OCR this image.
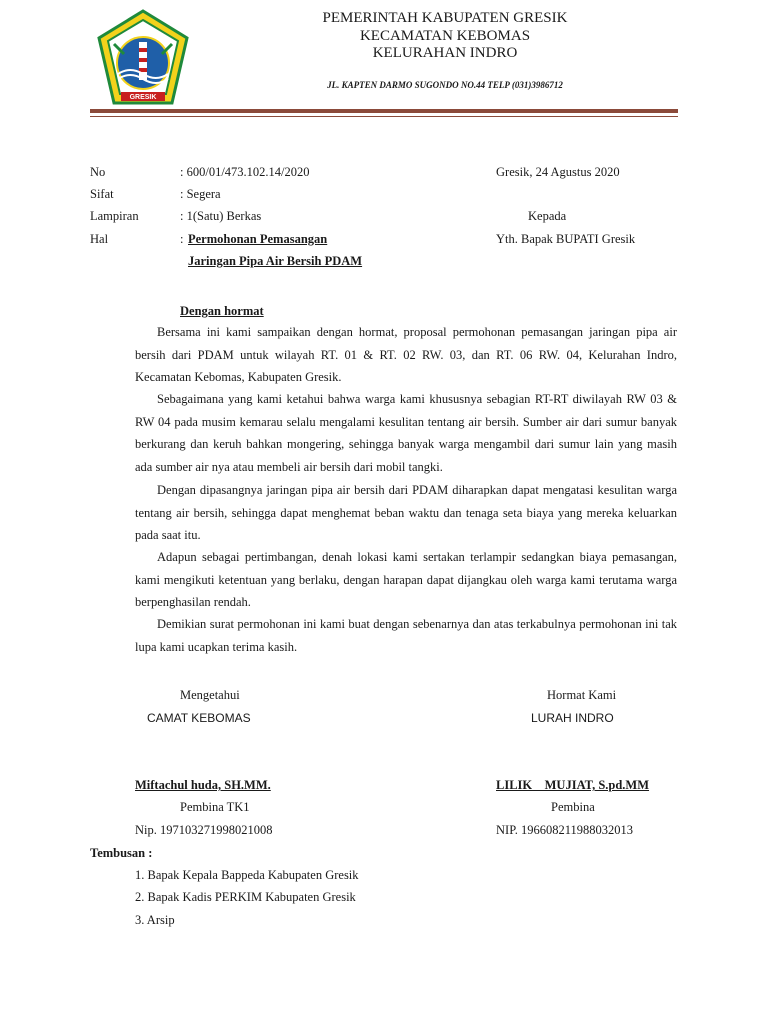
GRESIK
PEMERINTAH KABUPATEN GRESIK
KECAMATAN KEBOMAS
KELURAHAN INDRO
JL. KAPTEN DARMO SUGONDO NO.44 TELP (031)3986712
No	: 600/01/473.102.14/2020	Gresik, 24 Agustus 2020
Sifat	: Segera
Lampiran	: 1(Satu) Berkas	Kepada
Hal	: Permohonan Pemasangan	Yth. Bapak BUPATI Gresik
Jaringan Pipa Air Bersih PDAM
Dengan hormat

Bersama ini kami sampaikan dengan hormat, proposal permohonan pemasangan jaringan pipa air bersih dari PDAM untuk wilayah RT. 01 & RT. 02 RW. 03, dan RT. 06 RW. 04, Kelurahan Indro, Kecamatan Kebomas, Kabupaten Gresik.

Sebagaimana yang kami ketahui bahwa warga kami khususnya sebagian RT-RT diwilayah RW 03 & RW 04 pada musim kemarau selalu mengalami kesulitan tentang air bersih. Sumber air dari sumur banyak berkurang dan keruh bahkan mongering, sehingga banyak warga mengambil dari sumur lain yang masih ada sumber air nya atau membeli air bersih dari mobil tangki.

Dengan dipasangnya jaringan pipa air bersih dari PDAM diharapkan dapat mengatasi kesulitan warga tentang air bersih, sehingga dapat menghemat beban waktu dan tenaga seta biaya yang mereka keluarkan pada saat itu.

Adapun sebagai pertimbangan, denah lokasi kami sertakan terlampir sedangkan biaya pemasangan, kami mengikuti ketentuan yang berlaku, dengan harapan dapat dijangkau oleh warga kami terutama warga berpenghasilan rendah.

Demikian surat permohonan ini kami buat dengan sebenarnya dan atas terkabulnya permohonan ini tak lupa kami ucapkan terima kasih.

Mengetahui
CAMAT KEBOMAS
Hormat Kami
LURAH INDRO
Miftachul huda, SH.MM.	LILIK    MUJIAT, S.pd.MM
Pembina TK1	Pembina
Nip. 197103271998021008	NIP. 196608211988032013
Tembusan :
1. Bapak Kepala Bappeda Kabupaten Gresik
2. Bapak Kadis PERKIM Kabupaten Gresik
3. Arsip
